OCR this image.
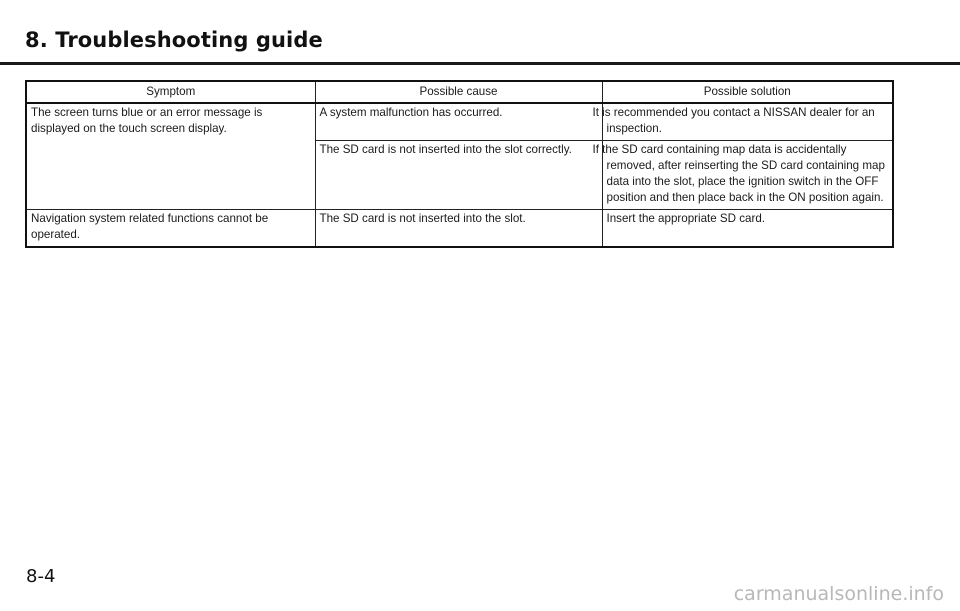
8. Troubleshooting guide
Symptom	Possible cause	Possible solution
The screen turns blue or an error message is displayed on the touch screen display.	A system malfunction has occurred.	It is recommended you contact a NISSAN dealer for an inspection.
	The SD card is not inserted into the slot correctly.	If the SD card containing map data is accidentally removed, after reinserting the SD card containing map data into the slot, place the ignition switch in the OFF position and then place back in the ON position again.
Navigation system related functions cannot be operated.	The SD card is not inserted into the slot.	Insert the appropriate SD card.
8-4
carmanualsonline.info
